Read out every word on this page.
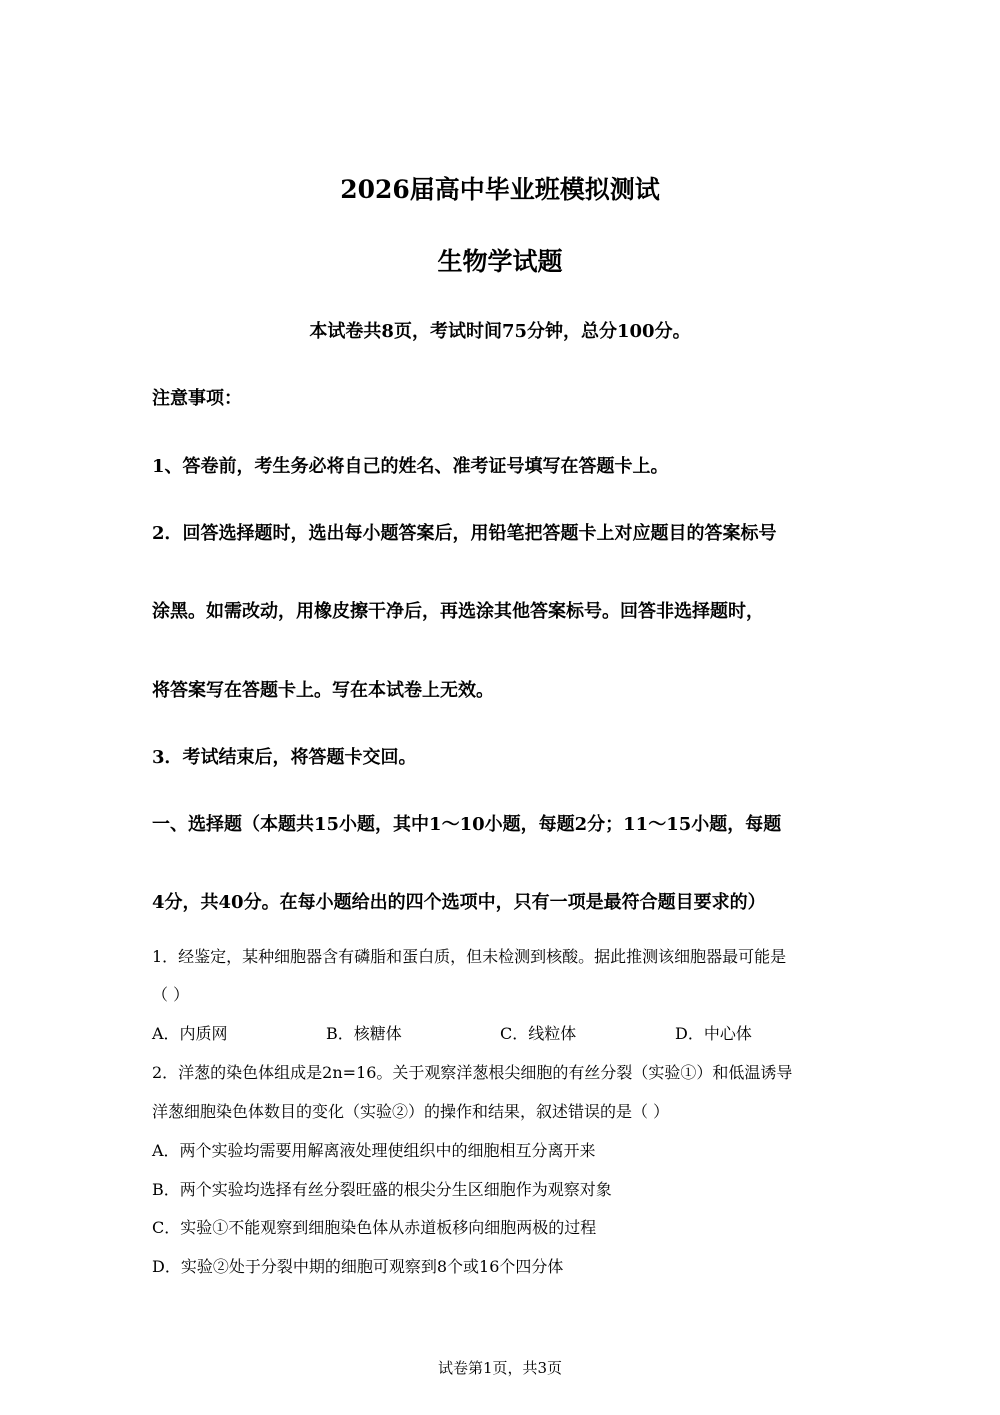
2026届高中毕业班模拟测试
生物学试题
本试卷共8页，考试时间75分钟，总分100分。
注意事项：
1、答卷前，考生务必将自己的姓名、准考证号填写在答题卡上。
2．回答选择题时，选出每小题答案后，用铅笔把答题卡上对应题目的答案标号
涂黑。如需改动，用橡皮擦干净后，再选涂其他答案标号。回答非选择题时，
将答案写在答题卡上。写在本试卷上无效。
3．考试结束后，将答题卡交回。
一、选择题（本题共15小题，其中1～10小题，每题2分；11～15小题，每题
4分，共40分。在每小题给出的四个选项中，只有一项是最符合题目要求的）
1．经鉴定，某种细胞器含有磷脂和蛋白质，但未检测到核酸。据此推测该细胞器最可能是
（ ）
A．内质网	B．核糖体	C．线粒体	D．中心体
2．洋葱的染色体组成是2n=16。关于观察洋葱根尖细胞的有丝分裂（实验①）和低温诱导
洋葱细胞染色体数目的变化（实验②）的操作和结果，叙述错误的是（ ）
A．两个实验均需要用解离液处理使组织中的细胞相互分离开来
B．两个实验均选择有丝分裂旺盛的根尖分生区细胞作为观察对象
C．实验①不能观察到细胞染色体从赤道板移向细胞两极的过程
D．实验②处于分裂中期的细胞可观察到8个或16个四分体
试卷第1页，共3页
